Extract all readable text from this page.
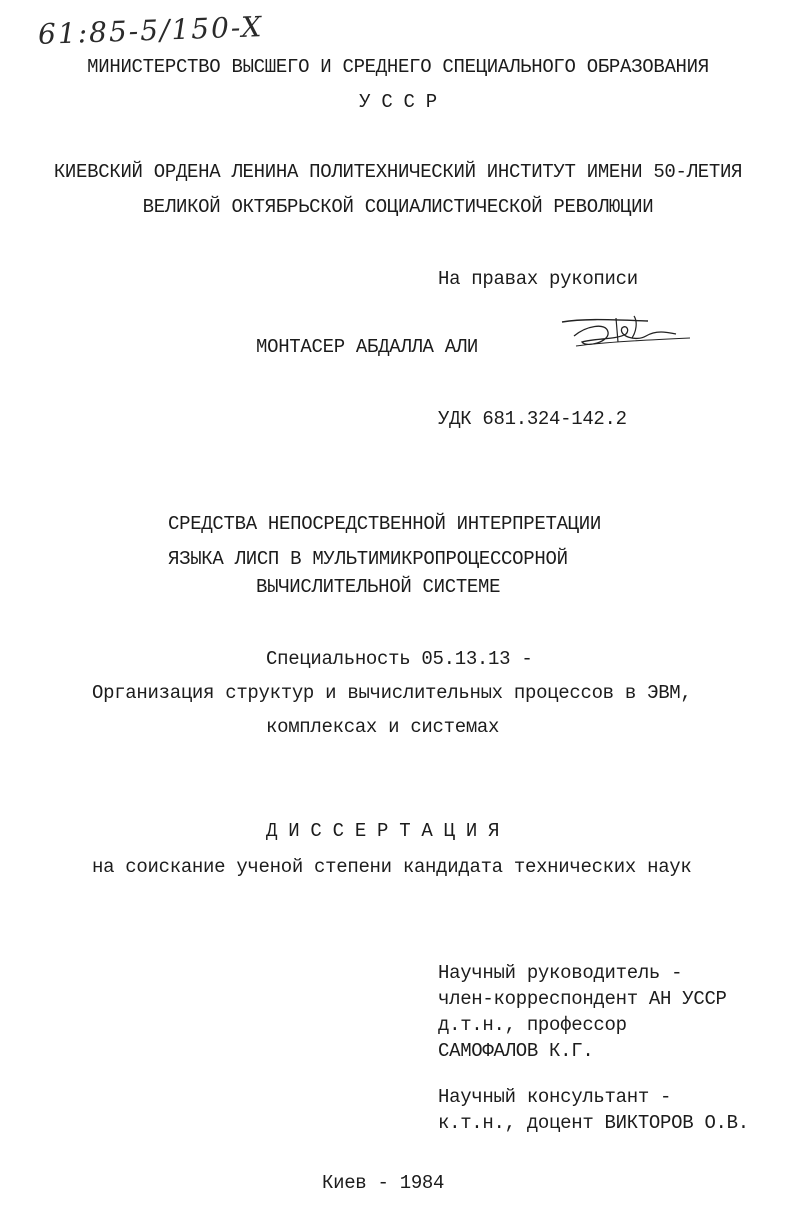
61:85-5/150-X
МИНИСТЕРСТВО ВЫСШЕГО И СРЕДНЕГО СПЕЦИАЛЬНОГО ОБРАЗОВАНИЯ
У С С Р
КИЕВСКИЙ ОРДЕНА ЛЕНИНА ПОЛИТЕХНИЧЕСКИЙ ИНСТИТУТ ИМЕНИ 50-ЛЕТИЯ
ВЕЛИКОЙ ОКТЯБРЬСКОЙ СОЦИАЛИСТИЧЕСКОЙ РЕВОЛЮЦИИ
На правах рукописи
МОНТАСЕР АБДАЛЛА АЛИ
УДК 681.324-142.2
СРЕДСТВА НЕПОСРЕДСТВЕННОЙ ИНТЕРПРЕТАЦИИ
ЯЗЫКА ЛИСП В МУЛЬТИМИКРОПРОЦЕССОРНОЙ
ВЫЧИСЛИТЕЛЬНОЙ СИСТЕМЕ
Специальность 05.13.13 -
Организация структур и вычислительных процессов в ЭВМ,
комплексах и системах
Д И С С Е Р Т А Ц И Я
на соискание ученой степени кандидата технических наук
Научный руководитель -
член-корреспондент АН УССР
д.т.н., профессор
САМОФАЛОВ К.Г.
Научный консультант -
к.т.н., доцент ВИКТОРОВ О.В.
Киев - 1984
